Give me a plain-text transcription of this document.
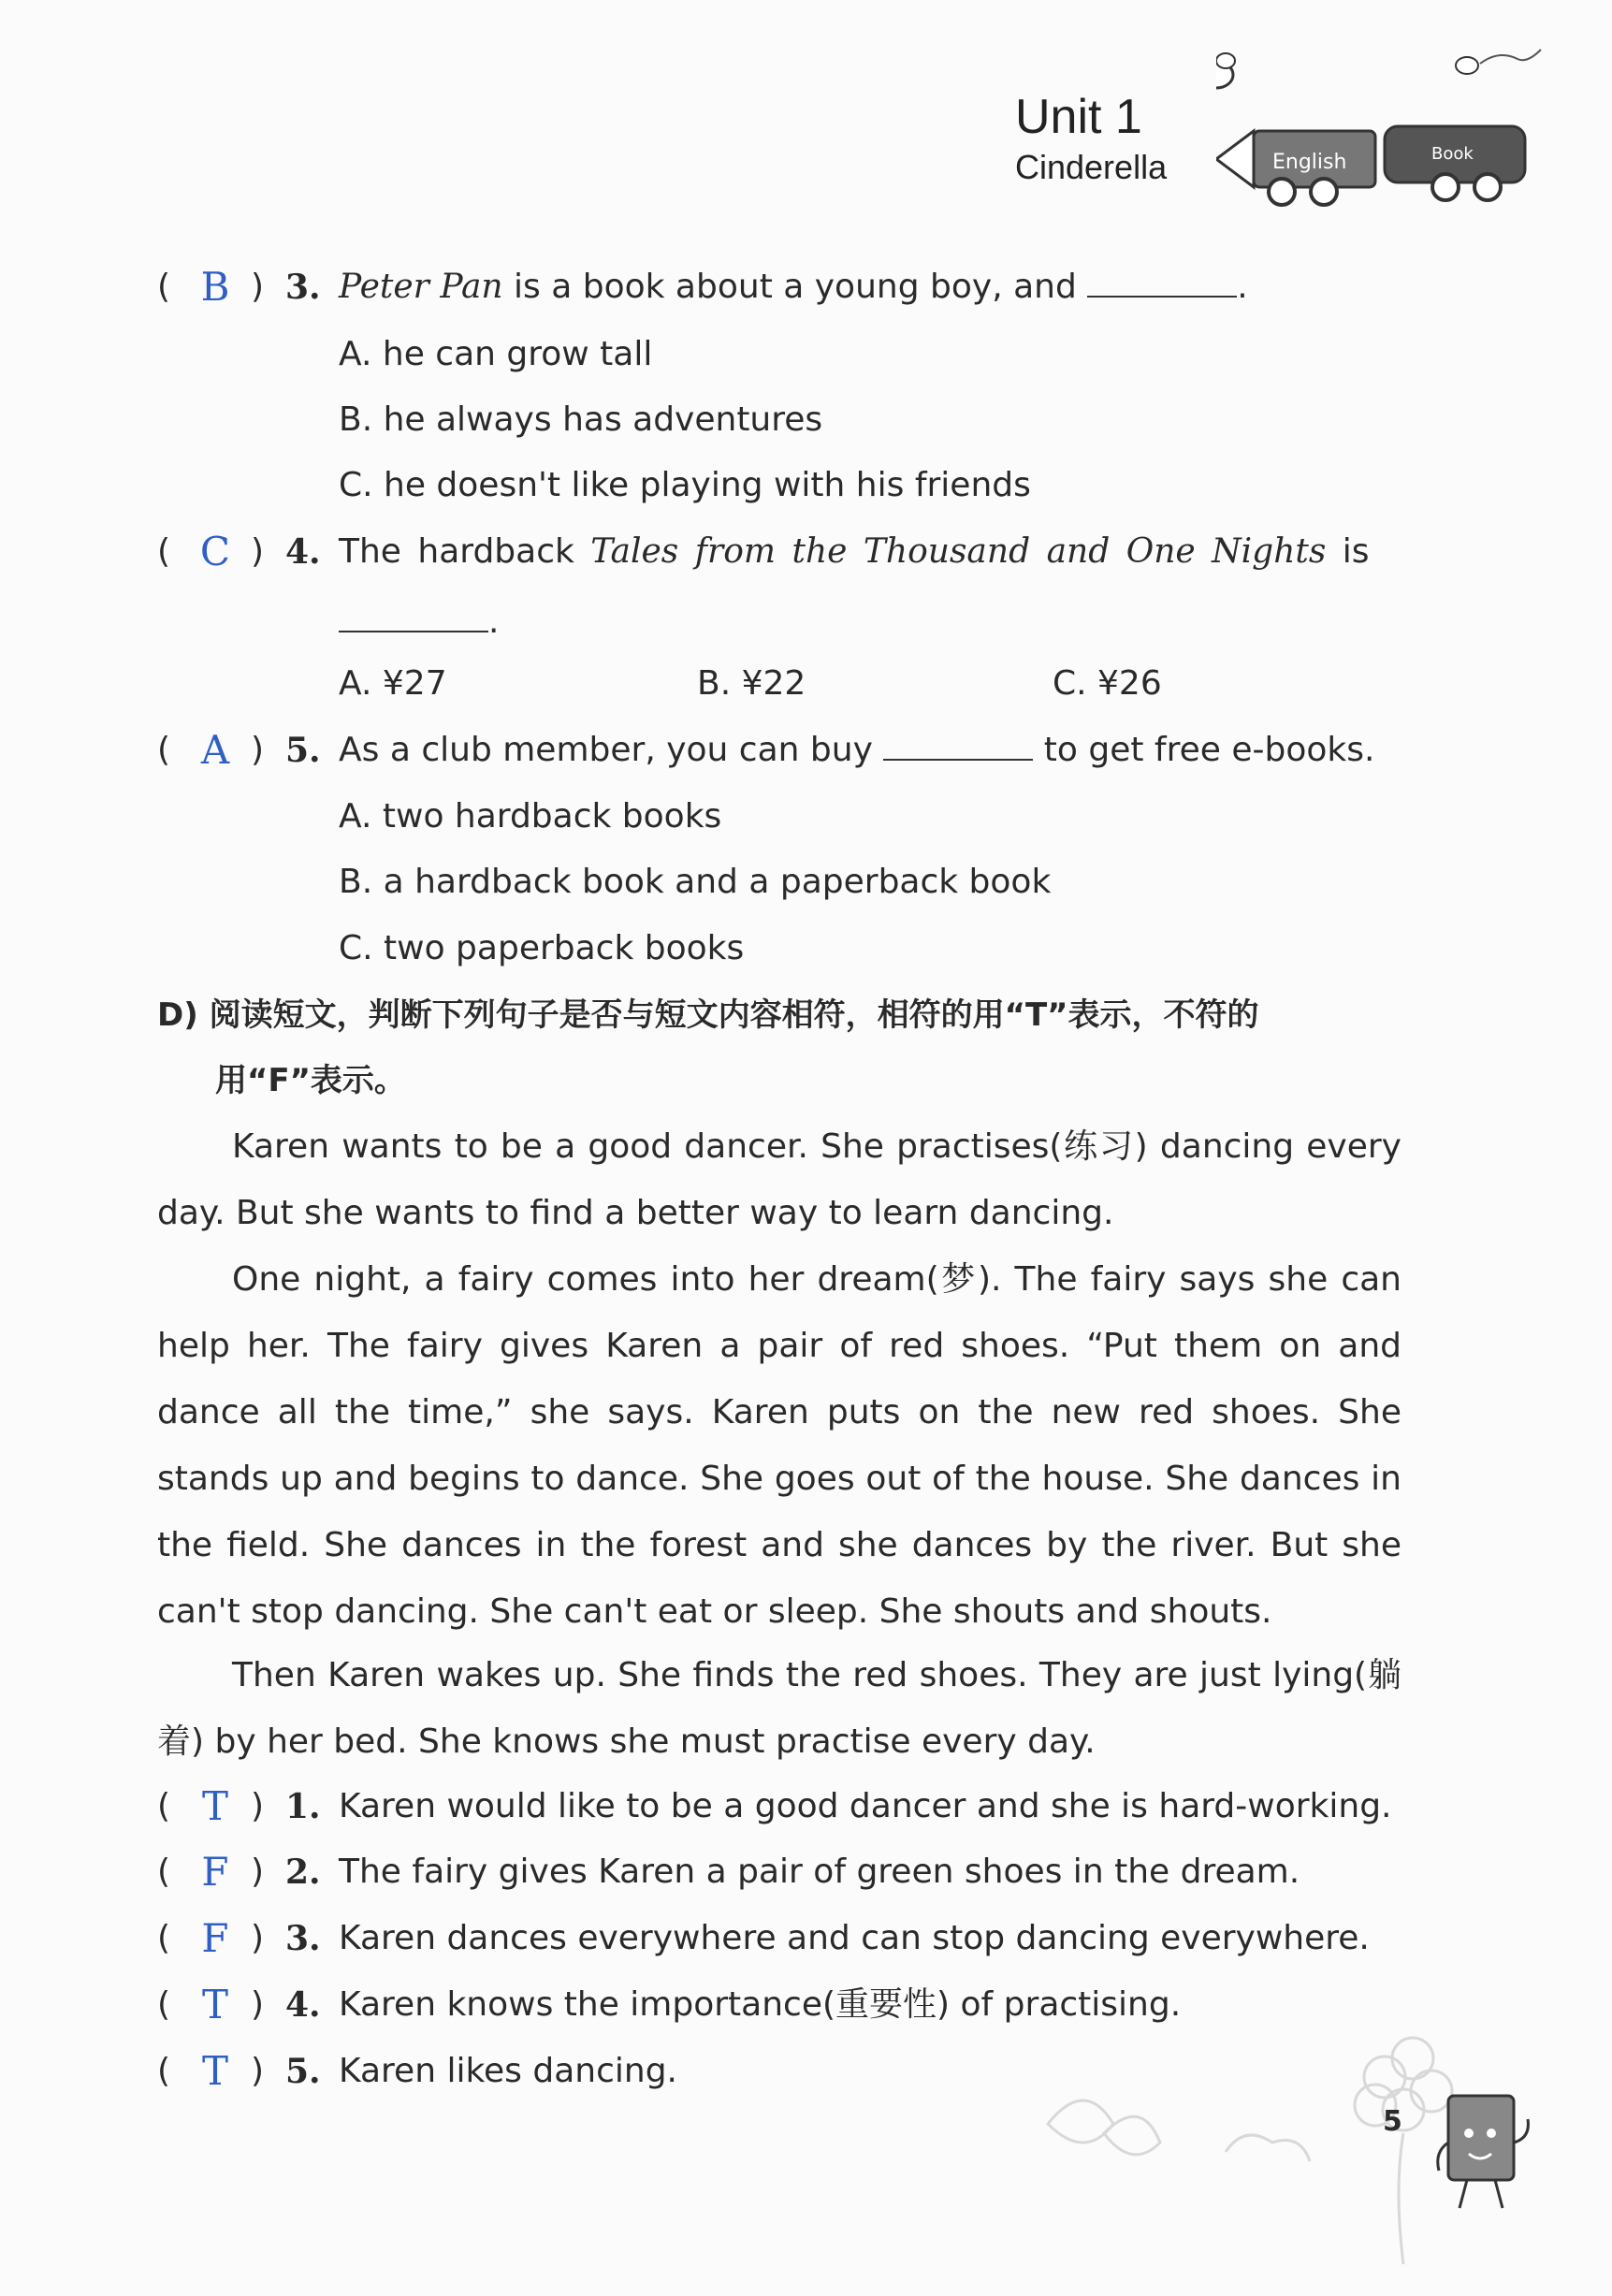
Unit 1
Cinderella	English	Book
( B ) 3. Peter Pan is a book about a young boy, and	.
A. he can grow tall
B. he always has adventures
C. he doesn't like playing with his friends
( C ) 4. The hardback Tales from the Thousand and One Nights is
.
A. ¥27	B. ¥22	C. ¥26
( A ) 5. As a club member, you can buy	to get free e-books.
A. two hardback books
B. a hardback book and a paperback book
C. two paperback books
D) 阅读短文，判断下列句子是否与短文内容相符，相符的用“T”表示，不符的
用“F”表示。
Karen wants to be a good dancer. She practises(练习) dancing every day. But she wants to find a better way to learn dancing.
One night, a fairy comes into her dream(梦). The fairy says she can help her. The fairy gives Karen a pair of red shoes. “Put them on and dance all the time,” she says. Karen puts on the new red shoes. She stands up and begins to dance. She goes out of the house. She dances in the field. She dances in the forest and she dances by the river. But she can't stop dancing. She can't eat or sleep. She shouts and shouts.
Then Karen wakes up. She finds the red shoes. They are just lying(躺着) by her bed. She knows she must practise every day.
( T ) 1. Karen would like to be a good dancer and she is hard-working.
( F ) 2. The fairy gives Karen a pair of green shoes in the dream.
( F ) 3. Karen dances everywhere and can stop dancing everywhere.
( T ) 4. Karen knows the importance(重要性) of practising.
( T ) 5. Karen likes dancing.
5
